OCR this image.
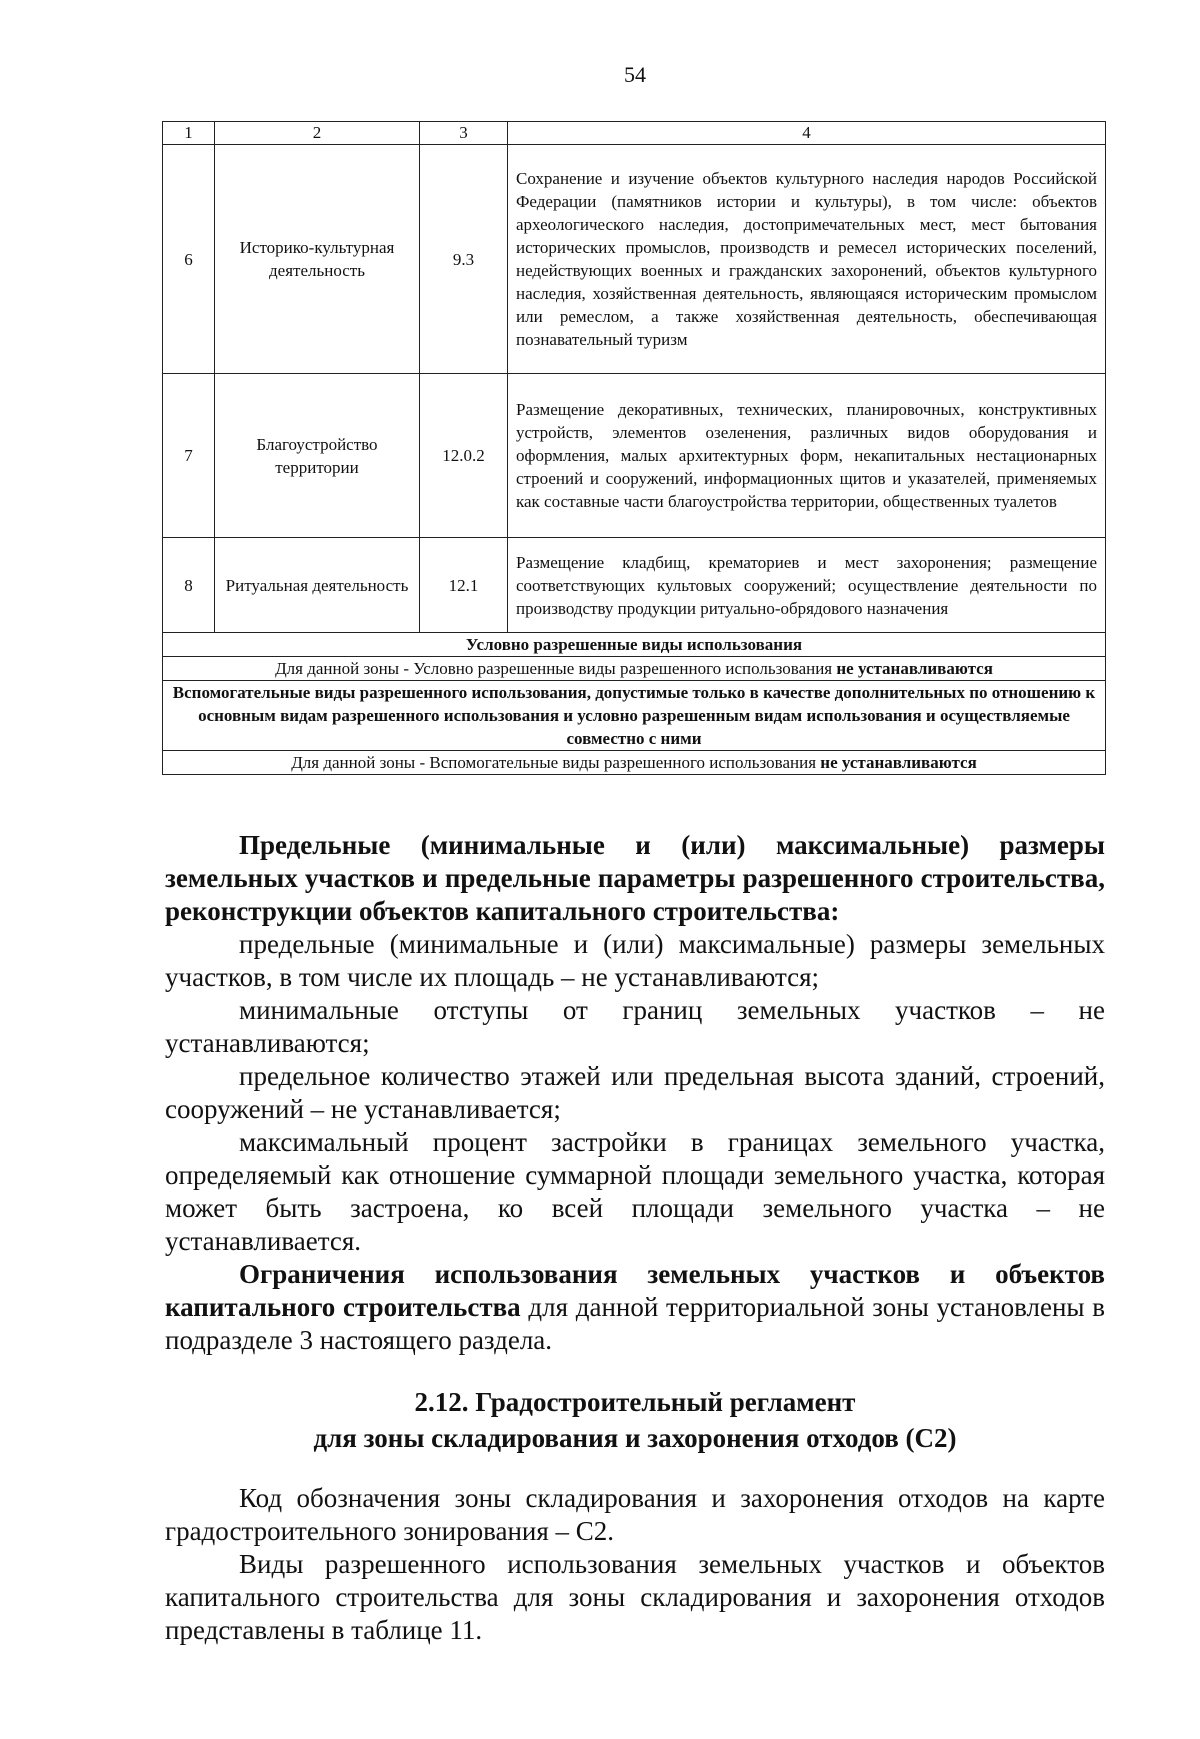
54
1	2	3	4
6	Историко-культурная деятельность	9.3	Сохранение и изучение объектов культурного наследия народов Российской Федерации (памятников истории и культуры), в том числе: объектов археологического наследия, достопримечательных мест, мест бытования исторических промыслов, производств и ремесел исторических поселений, недействующих военных и гражданских захоронений, объектов культурного наследия, хозяйственная деятельность, являющаяся историческим промыслом или ремеслом, а также хозяйственная деятельность, обеспечивающая познавательный туризм
7	Благоустройство территории	12.0.2	Размещение декоративных, технических, планировочных, конструктивных устройств, элементов озеленения, различных видов оборудования и оформления, малых архитектурных форм, некапитальных нестационарных строений и сооружений, информационных щитов и указателей, применяемых как составные части благоустройства территории, общественных туалетов
8	Ритуальная деятельность	12.1	Размещение кладбищ, крематориев и мест захоронения; размещение соответствующих культовых сооружений; осуществление деятельности по производству продукции ритуально-обрядового назначения
Условно разрешенные виды использования			
Для данной зоны - Условно разрешенные виды разрешенного использования не устанавливаются			
Вспомогательные виды разрешенного использования, допустимые только в качестве дополнительных по отношению к основным видам разрешенного использования и условно разрешенным видам использования и осуществляемые совместно с ними			
Для данной зоны - Вспомогательные виды разрешенного использования не устанавливаются			

Предельные (минимальные и (или) максимальные) размеры земельных участков и предельные параметры разрешенного строительства, реконструкции объектов капитального строительства:

предельные (минимальные и (или) максимальные) размеры земельных участков, в том числе их площадь – не устанавливаются;

минимальные отступы от границ земельных участков – не устанавливаются;

предельное количество этажей или предельная высота зданий, строений, сооружений – не устанавливается;

максимальный процент застройки в границах земельного участка, определяемый как отношение суммарной площади земельного участка, которая может быть застроена, ко всей площади земельного участка – не устанавливается.

Ограничения использования земельных участков и объектов капитального строительства для данной территориальной зоны установлены в подразделе 3 настоящего раздела.

2.12. Градостроительный регламент
для зоны складирования и захоронения отходов (С2)

Код обозначения зоны складирования и захоронения отходов на карте градостроительного зонирования – С2.

Виды разрешенного использования земельных участков и объектов капитального строительства для зоны складирования и захоронения отходов представлены в таблице 11.
